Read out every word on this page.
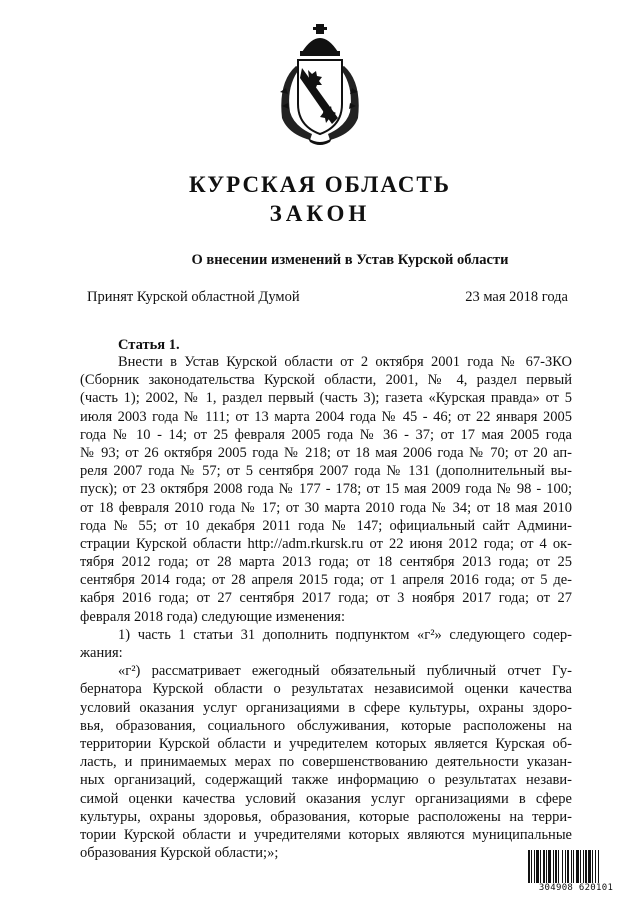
КУРСКАЯ ОБЛАСТЬ
ЗАКОН
О внесении изменений в Устав Курской области
Принят Курской областной Думой	23 мая 2018 года
Статья 1.
Внести в Устав Курской области от 2 октября 2001 года № 67-ЗКО
(Сборник законодательства Курской области, 2001, № 4, раздел первый
(часть 1); 2002, № 1, раздел первый (часть 3); газета «Курская правда» от 5
июля 2003 года № 111; от 13 марта 2004 года № 45 - 46; от 22 января 2005
года № 10 - 14; от 25 февраля 2005 года № 36 - 37; от 17 мая 2005 года
№ 93; от 26 октября 2005 года № 218; от 18 мая 2006 года № 70; от 20 ап-
реля 2007 года № 57; от 5 сентября 2007 года № 131 (дополнительный вы-
пуск); от 23 октября 2008 года № 177 - 178; от 15 мая 2009 года № 98 - 100;
от 18 февраля 2010 года № 17; от 30 марта 2010 года № 34; от 18 мая 2010
года № 55; от 10 декабря 2011 года № 147; официальный сайт Админи-
страции Курской области http://adm.rkursk.ru от 22 июня 2012 года; от 4 ок-
тября 2012 года; от 28 марта 2013 года; от 18 сентября 2013 года; от 25
сентября 2014 года; от 28 апреля 2015 года; от 1 апреля 2016 года; от 5 де-
кабря 2016 года; от 27 сентября 2017 года; от 3 ноября 2017 года; от 27
февраля 2018 года) следующие изменения:
1) часть 1 статьи 31 дополнить подпунктом «г²» следующего содер-
жания:
«г²) рассматривает ежегодный обязательный публичный отчет Гу-
бернатора Курской области о результатах независимой оценки качества
условий оказания услуг организациями в сфере культуры, охраны здоро-
вья, образования, социального обслуживания, которые расположены на
территории Курской области и учредителем которых является Курская об-
ласть, и принимаемых мерах по совершенствованию деятельности указан-
ных организаций, содержащий также информацию о результатах незави-
симой оценки качества условий оказания услуг организациями в сфере
культуры, охраны здоровья, образования, которые расположены на терри-
тории Курской области и учредителями которых являются муниципальные
образования Курской области;»;
304908 620101
